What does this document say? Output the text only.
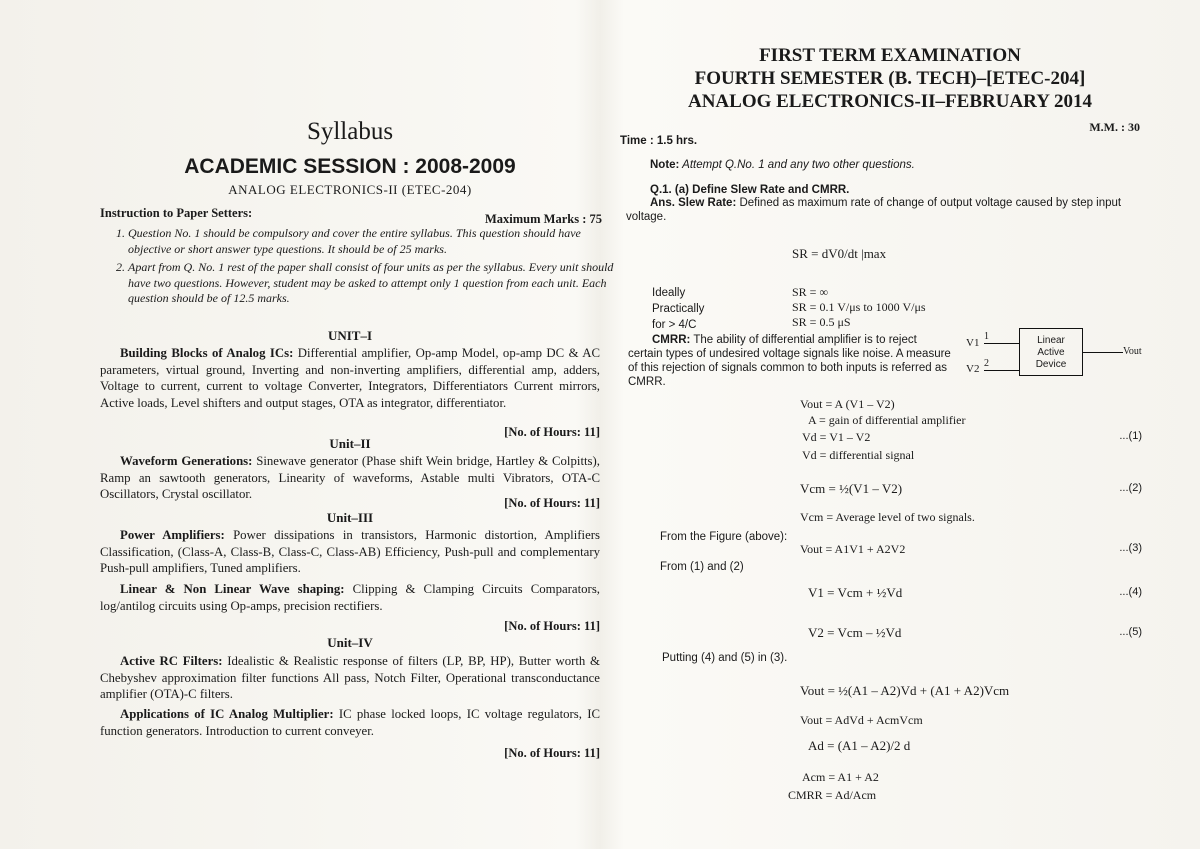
Syllabus
ACADEMIC SESSION : 2008-2009
ANALOG ELECTRONICS-II (ETEC-204)
Instruction to Paper Setters:	Maximum Marks : 75
1. Question No. 1 should be compulsory and cover the entire syllabus. This question should have objective or short answer type questions. It should be of 25 marks.
2. Apart from Q. No. 1 rest of the paper shall consist of four units as per the syllabus. Every unit should have two questions. However, student may be asked to attempt only 1 question from each unit. Each question should be of 12.5 marks.
UNIT–I
Building Blocks of Analog ICs: Differential amplifier, Op-amp Model, op-amp DC & AC parameters, virtual ground, Inverting and non-inverting amplifiers, differential amp, adders, Voltage to current, current to voltage Converter, Integrators, Differentiators Current mirrors, Active loads, Level shifters and output stages, OTA as integrator, differentiator.
[No. of Hours: 11]
Unit–II
Waveform Generations: Sinewave generator (Phase shift Wein bridge, Hartley & Colpitts), Ramp an sawtooth generators, Linearity of waveforms, Astable multi Vibrators, OTA-C Oscillators, Crystal oscillator.
[No. of Hours: 11]
Unit–III
Power Amplifiers: Power dissipations in transistors, Harmonic distortion, Amplifiers Classification, (Class-A, Class-B, Class-C, Class-AB) Efficiency, Push-pull and complementary Push-pull amplifiers, Tuned amplifiers.
Linear & Non Linear Wave shaping: Clipping & Clamping Circuits Comparators, log/antilog circuits using Op-amps, precision rectifiers.
[No. of Hours: 11]
Unit–IV
Active RC Filters: Idealistic & Realistic response of filters (LP, BP, HP), Butter worth & Chebyshev approximation filter functions All pass, Notch Filter, Operational transconductance amplifier (OTA)-C filters.
Applications of IC Analog Multiplier: IC phase locked loops, IC voltage regulators, IC function generators. Introduction to current conveyer.
[No. of Hours: 11]
FIRST TERM EXAMINATION
FOURTH SEMESTER (B. TECH)–[ETEC-204]
ANALOG ELECTRONICS-II–FEBRUARY 2014
Time : 1.5 hrs.
M.M. : 30
Note: Attempt Q.No. 1 and any two other questions.
Q.1. (a) Define Slew Rate and CMRR.
Ans. Slew Rate: Defined as maximum rate of change of output voltage caused by step input voltage.
SR = dV0/dt |max
Ideally	SR = ∞
Practically	SR = 0.1 V/μs to 1000 V/μs
for > 4/C	SR = 0.5 μS
CMRR: The ability of differential amplifier is to reject certain types of undesired voltage signals like noise. A measure of this rejection of signals common to both inputs is referred as CMRR.
V1
1
V2 2
Linear
Active
Device
Vout
Vout = A (V1 – V2)
A = gain of differential amplifier
Vd = V1 – V2	...(1)
Vd = differential signal
Vcm = ½(V1 – V2)	...(2)
Vcm = Average level of two signals.
From the Figure (above):
Vout = A1V1 + A2V2	...(3)
From (1) and (2)
V1 = Vcm + ½Vd	...(4)
V2 = Vcm – ½Vd	...(5)
Putting (4) and (5) in (3).
Vout = ½(A1 – A2)Vd + (A1 + A2)Vcm
Vout = AdVd + AcmVcm
Ad = (A1 – A2)/2 d
Acm = A1 + A2
CMRR = Ad/Acm
